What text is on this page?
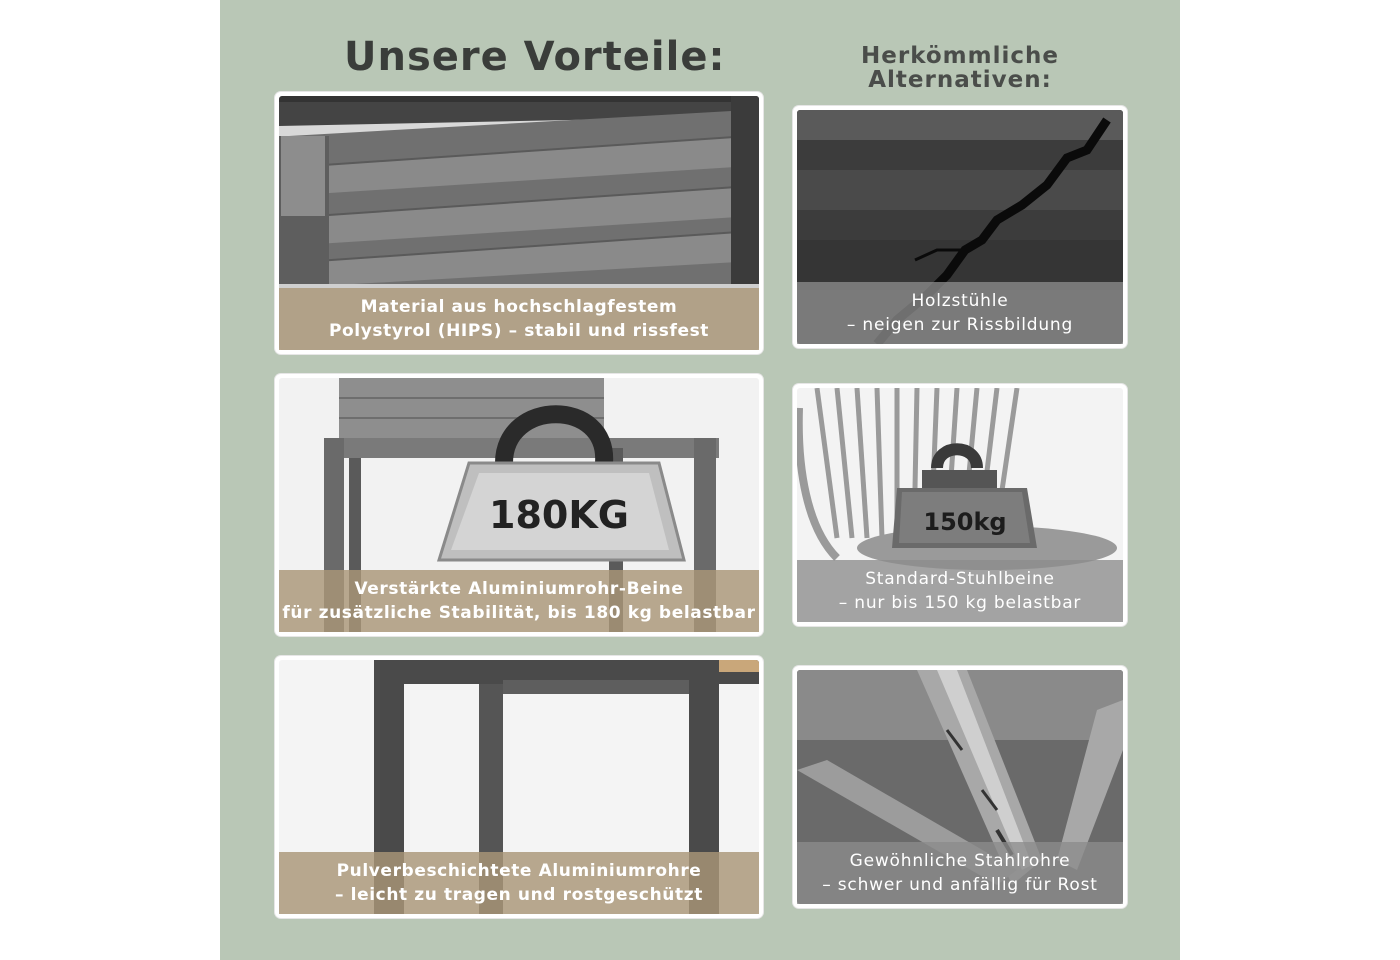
Unsere Vorteile:	Herkömmliche
Alternativen:
Material aus hochschlagfestem
Polystyrol (HIPS) – stabil und rissfest
180KG
Verstärkte Aluminiumrohr-Beine
für zusätzliche Stabilität, bis 180 kg belastbar
Pulverbeschichtete Aluminiumrohre
– leicht zu tragen und rostgeschützt
Holzstühle
– neigen zur Rissbildung
150kg
Standard-Stuhlbeine
– nur bis 150 kg belastbar
Gewöhnliche Stahlrohre
– schwer und anfällig für Rost
